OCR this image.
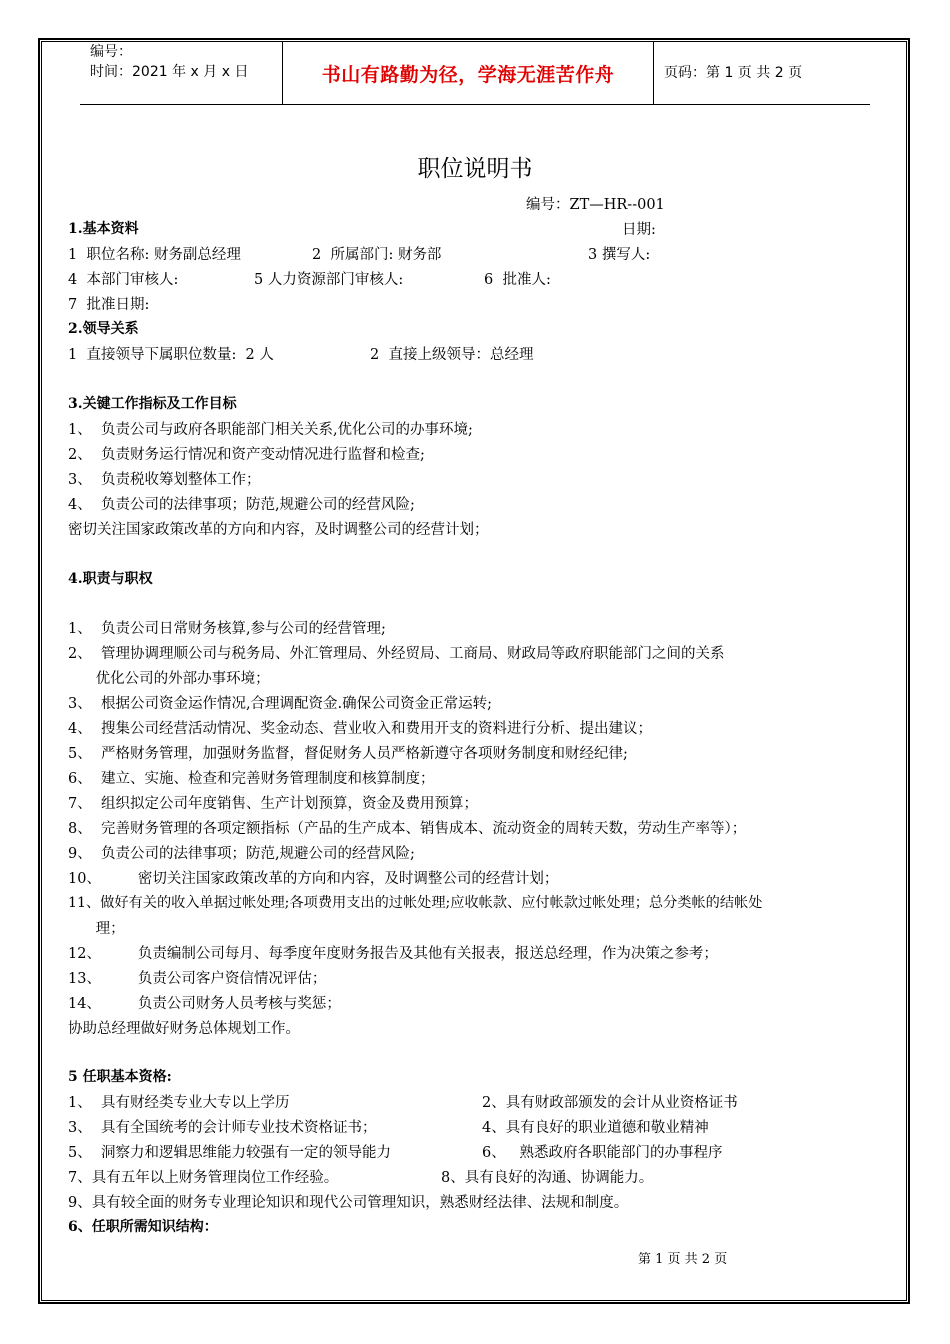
编号：
时间：2021 年 x 月 x 日	书山有路勤为径，学海无涯苦作舟	页码：第 1 页 共 2 页
职位说明书
编号：ZT—HR--001
1.基本资料	日期:
1  职位名称: 财务副总经理	2  所属部门: 财务部	3 撰写人:
4  本部门审核人:	5 人力资源部门审核人:	6  批准人:
7  批准日期:
2.领导关系
1  直接领导下属职位数量:  2 人	2  直接上级领导：总经理
3.关键工作指标及工作目标
1、  负责公司与政府各职能部门相关关系,优化公司的办事环境;
2、  负责财务运行情况和资产变动情况进行监督和检查;
3、  负责税收筹划整体工作；
4、  负责公司的法律事项；防范,规避公司的经营风险;
密切关注国家政策改革的方向和内容，及时调整公司的经营计划；
4.职责与职权
1、  负责公司日常财务核算,参与公司的经营管理;
2、  管理协调理顺公司与税务局、外汇管理局、外经贸局、工商局、财政局等政府职能部门之间的关系
优化公司的外部办事环境；
3、  根据公司资金运作情况,合理调配资金.确保公司资金正常运转;
4、  搜集公司经营活动情况、奖金动态、营业收入和费用开支的资料进行分析、提出建议；
5、  严格财务管理，加强财务监督，督促财务人员严格新遵守各项财务制度和财经纪律;
6、  建立、实施、检查和完善财务管理制度和核算制度；
7、  组织拟定公司年度销售、生产计划预算，资金及费用预算；
8、  完善财务管理的各项定额指标（产品的生产成本、销售成本、流动资金的周转天数，劳动生产率等）；
9、  负责公司的法律事项；防范,规避公司的经营风险;
10、        密切关注国家政策改革的方向和内容，及时调整公司的经营计划；
11、做好有关的收入单据过帐处理;各项费用支出的过帐处理;应收帐款、应付帐款过帐处理；总分类帐的结帐处
理；
12、        负责编制公司每月、每季度年度财务报告及其他有关报表，报送总经理，作为决策之参考；
13、        负责公司客户资信情况评估；
14、        负责公司财务人员考核与奖惩；
协助总经理做好财务总体规划工作。
5 任职基本资格:
1、  具有财经类专业大专以上学历	2、具有财政部颁发的会计从业资格证书
3、  具有全国统考的会计师专业技术资格证书；	4、具有良好的职业道德和敬业精神
5、  洞察力和逻辑思维能力较强有一定的领导能力	6、   熟悉政府各职能部门的办事程序
7、具有五年以上财务管理岗位工作经验。	8、具有良好的沟通、协调能力。
9、具有较全面的财务专业理论知识和现代公司管理知识，熟悉财经法律、法规和制度。
6、任职所需知识结构：
第 1 页 共 2 页
